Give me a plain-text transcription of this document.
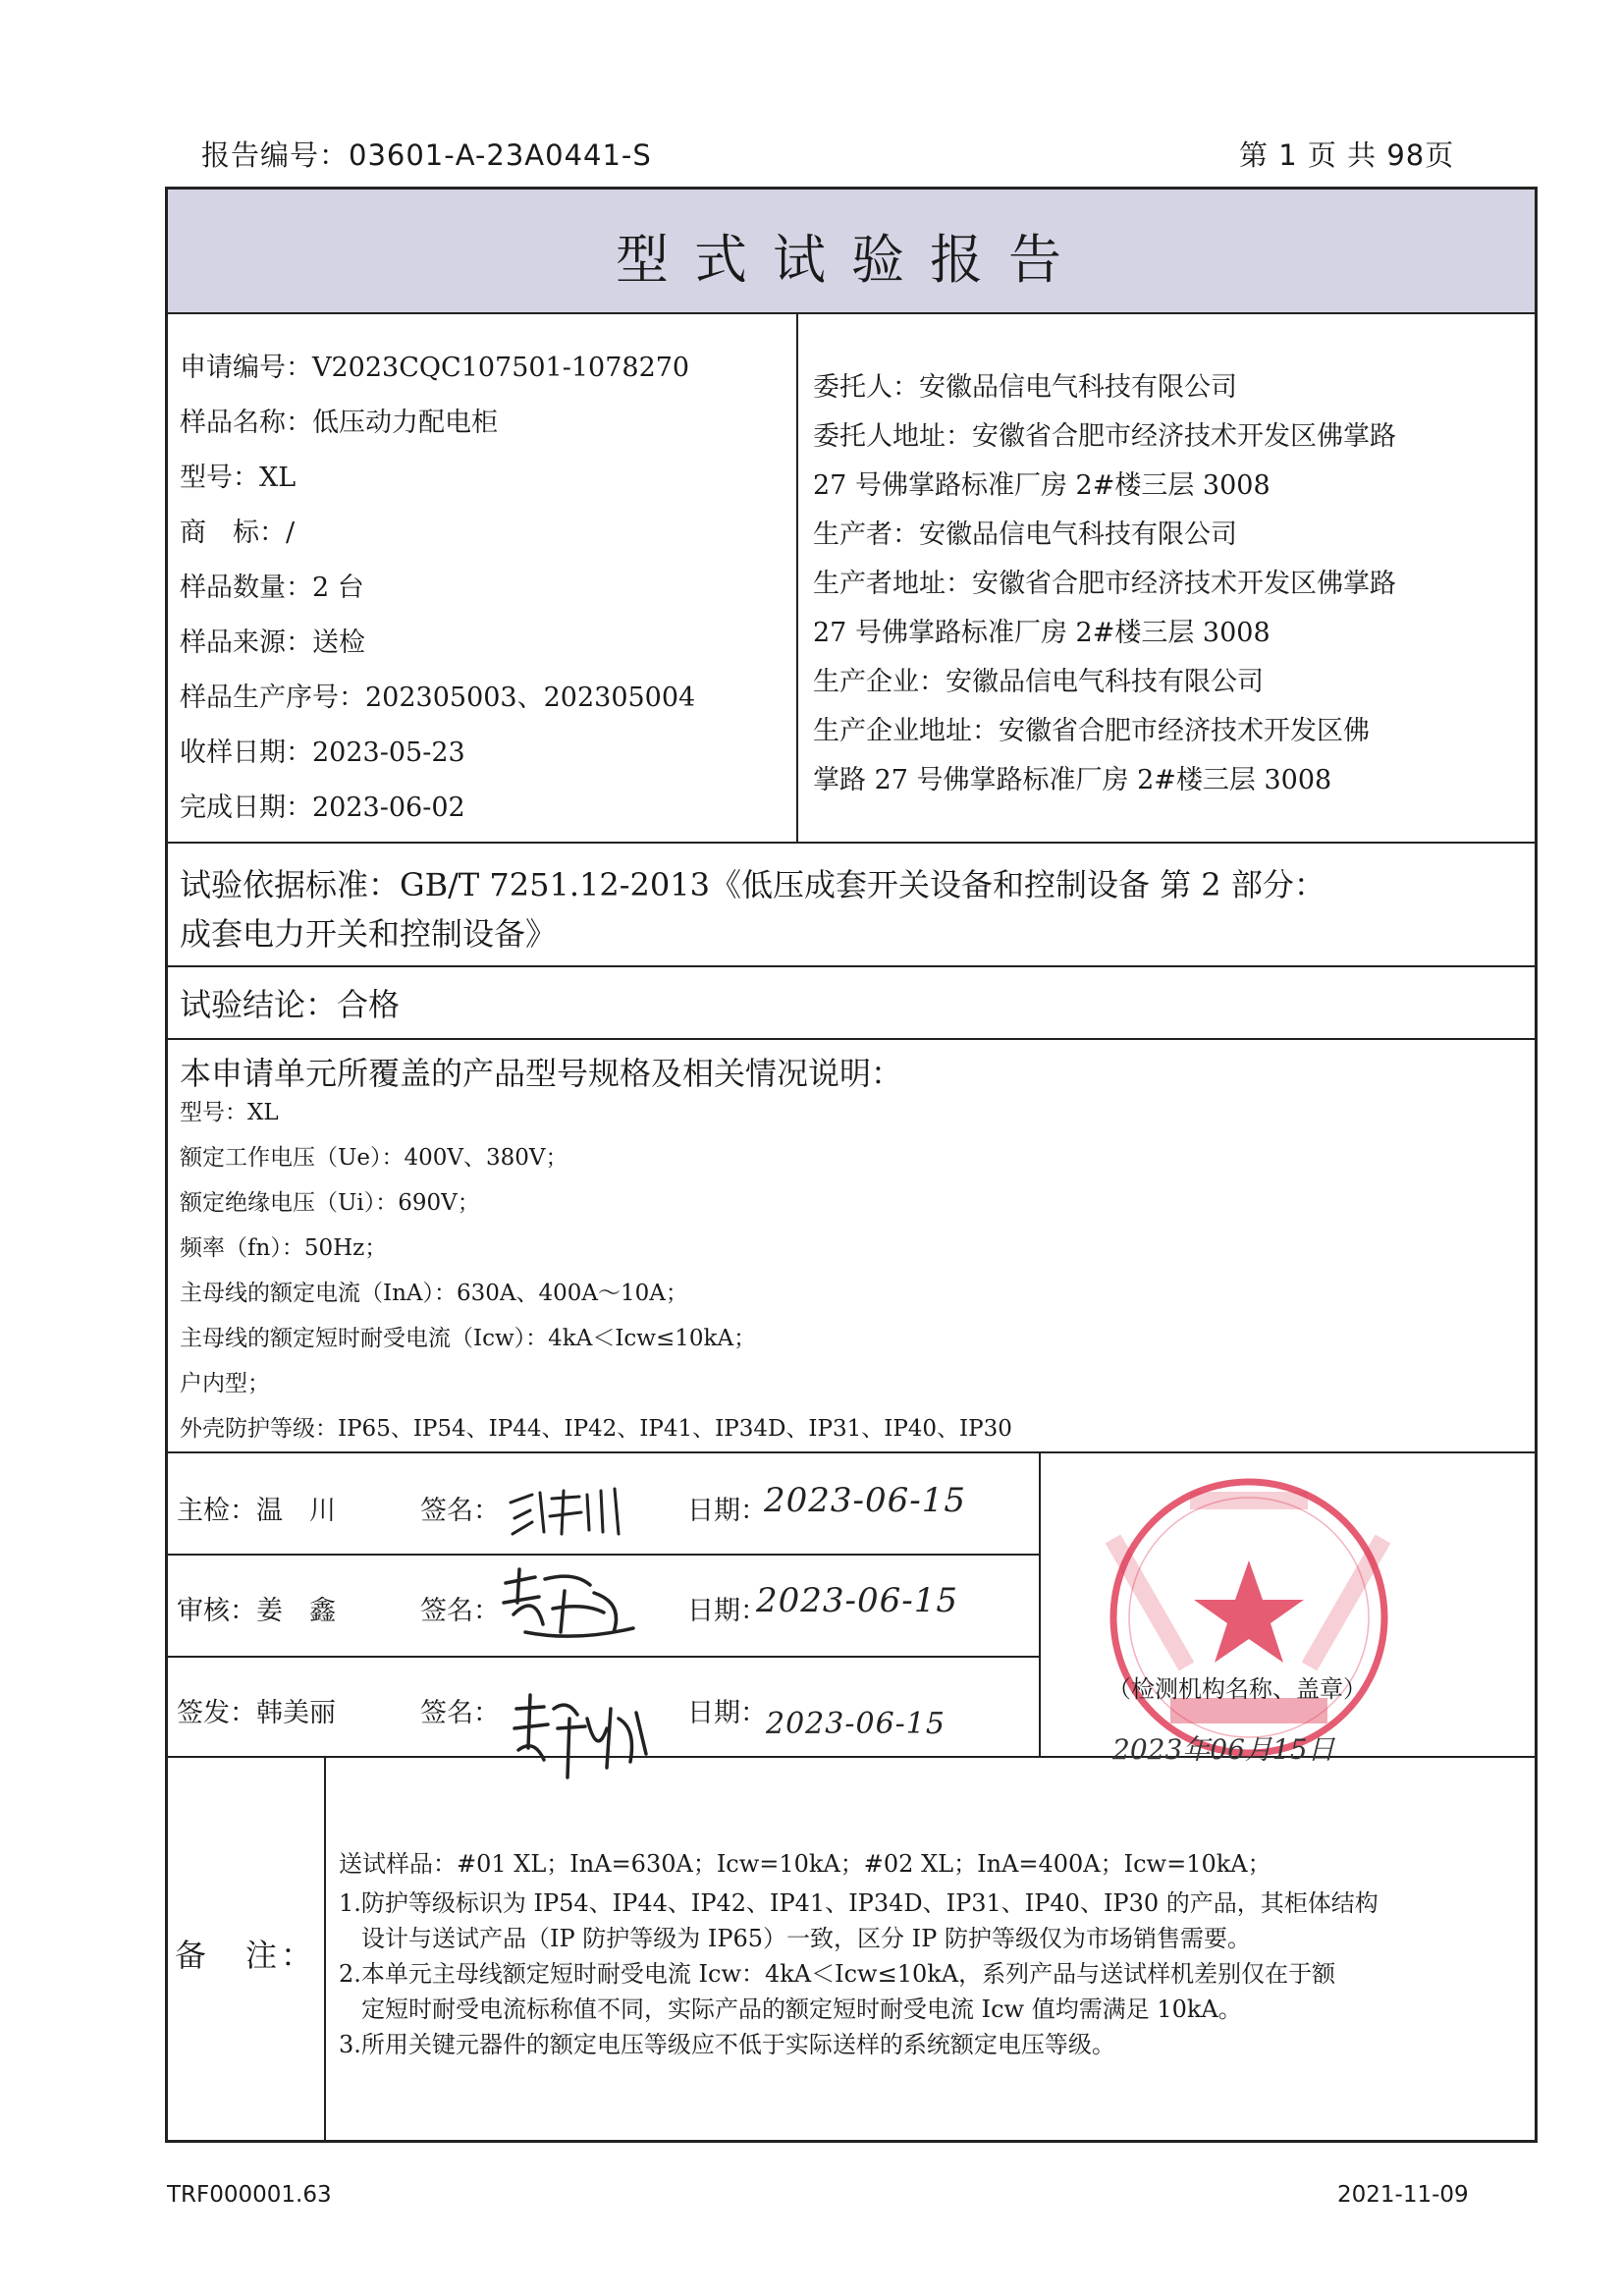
报告编号：03601-A-23A0441-S	第 1 页 共 98页
型式试验报告
申请编号：V2023CQC107501-1078270
样品名称：低压动力配电柜
型号：XL
商　标：/
样品数量：2 台
样品来源：送检
样品生产序号：202305003、202305004
收样日期：2023-05-23
完成日期：2023-06-02
委托人：安徽品信电气科技有限公司
委托人地址：安徽省合肥市经济技术开发区佛掌路
27 号佛掌路标准厂房 2#楼三层 3008
生产者：安徽品信电气科技有限公司
生产者地址：安徽省合肥市经济技术开发区佛掌路
27 号佛掌路标准厂房 2#楼三层 3008
生产企业：安徽品信电气科技有限公司
生产企业地址：安徽省合肥市经济技术开发区佛
掌路 27 号佛掌路标准厂房 2#楼三层 3008
试验依据标准：GB/T 7251.12-2013《低压成套开关设备和控制设备 第 2 部分：
成套电力开关和控制设备》
试验结论：合格
本申请单元所覆盖的产品型号规格及相关情况说明：
型号：XL
额定工作电压（Ue）：400V、380V；
额定绝缘电压（Ui）：690V；
频率（fn）：50Hz；
主母线的额定电流（InA）：630A、400A～10A；
主母线的额定短时耐受电流（Icw）：4kA＜Icw≤10kA；
户内型；
外壳防护等级：IP65、IP54、IP44、IP42、IP41、IP34D、IP31、IP40、IP30
主检：温　川	签名：	日期：
2023-06-15
审核：姜　鑫	签名：	日期：
2023-06-15
签发：韩美丽	签名：	日期： 2023-06-15
（检测机构名称、盖章）
2023年06月15日
备　注：
送试样品：#01 XL；InA=630A；Icw=10kA；#02 XL；InA=400A；Icw=10kA；
1.防护等级标识为 IP54、IP44、IP42、IP41、IP34D、IP31、IP40、IP30 的产品，其柜体结构
设计与送试产品（IP 防护等级为 IP65）一致，区分 IP 防护等级仅为市场销售需要。
2.本单元主母线额定短时耐受电流 Icw：4kA＜Icw≤10kA，系列产品与送试样机差别仅在于额
定短时耐受电流标称值不同，实际产品的额定短时耐受电流 Icw 值均需满足 10kA。
3.所用关键元器件的额定电压等级应不低于实际送样的系统额定电压等级。
TRF000001.63	2021-11-09
